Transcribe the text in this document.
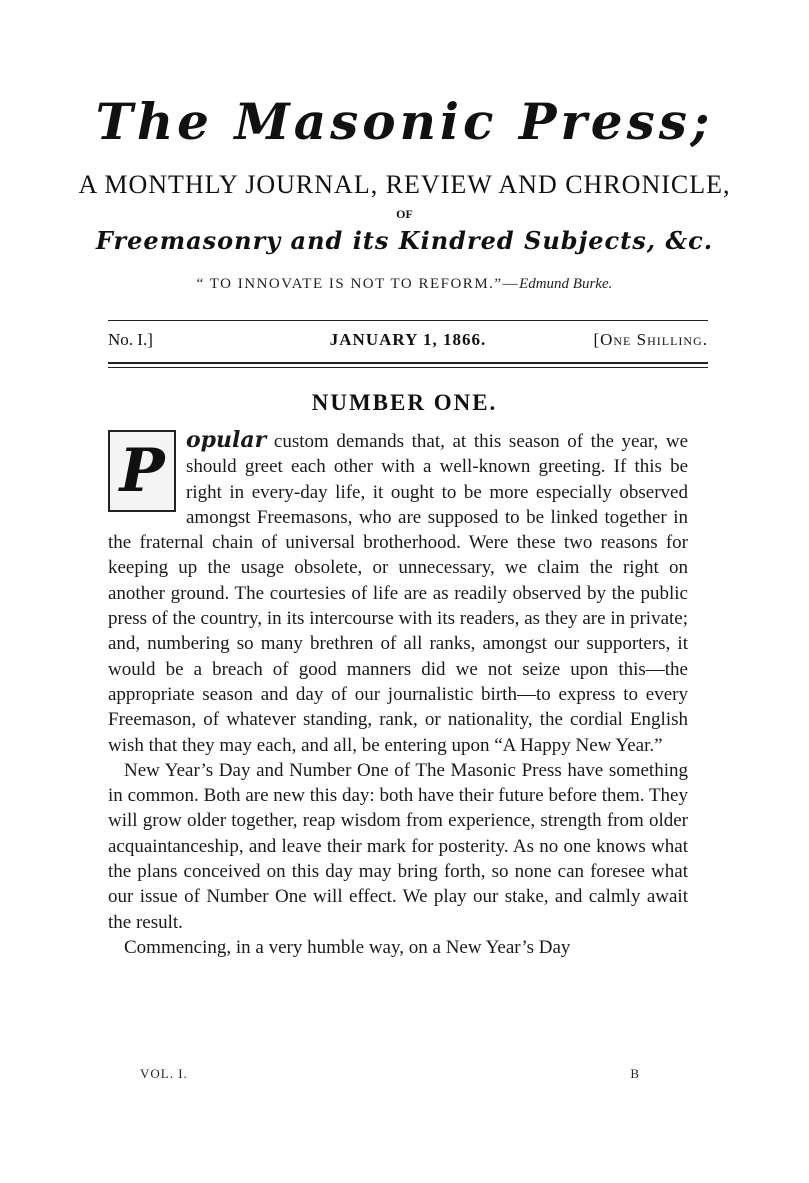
The Masonic Press;
A MONTHLY JOURNAL, REVIEW AND CHRONICLE,
OF
Freemasonry and its Kindred Subjects, &c.
“ TO INNOVATE IS NOT TO REFORM.”—Edmund Burke.
No. I.]	JANUARY 1, 1866.	[One Shilling.
NUMBER ONE.

P opular custom demands that, at this season of the year, we should greet each other with a well-known greeting. If this be right in every-day life, it ought to be more especially observed amongst Freemasons, who are supposed to be linked together in the fraternal chain of universal brotherhood. Were these two reasons for keeping up the usage obsolete, or unnecessary, we claim the right on another ground. The courtesies of life are as readily observed by the public press of the country, in its intercourse with its readers, as they are in private; and, numbering so many brethren of all ranks, amongst our supporters, it would be a breach of good manners did we not seize upon this—the appropriate season and day of our journalistic birth—to express to every Freemason, of whatever standing, rank, or nationality, the cordial English wish that they may each, and all, be entering upon “A Happy New Year.”

New Year’s Day and Number One of The Masonic Press have something in common. Both are new this day: both have their future before them. They will grow older together, reap wisdom from experience, strength from older acquaintanceship, and leave their mark for posterity. As no one knows what the plans conceived on this day may bring forth, so none can foresee what our issue of Number One will effect. We play our stake, and calmly await the result.

Commencing, in a very humble way, on a New Year’s Day

VOL. I.	B
